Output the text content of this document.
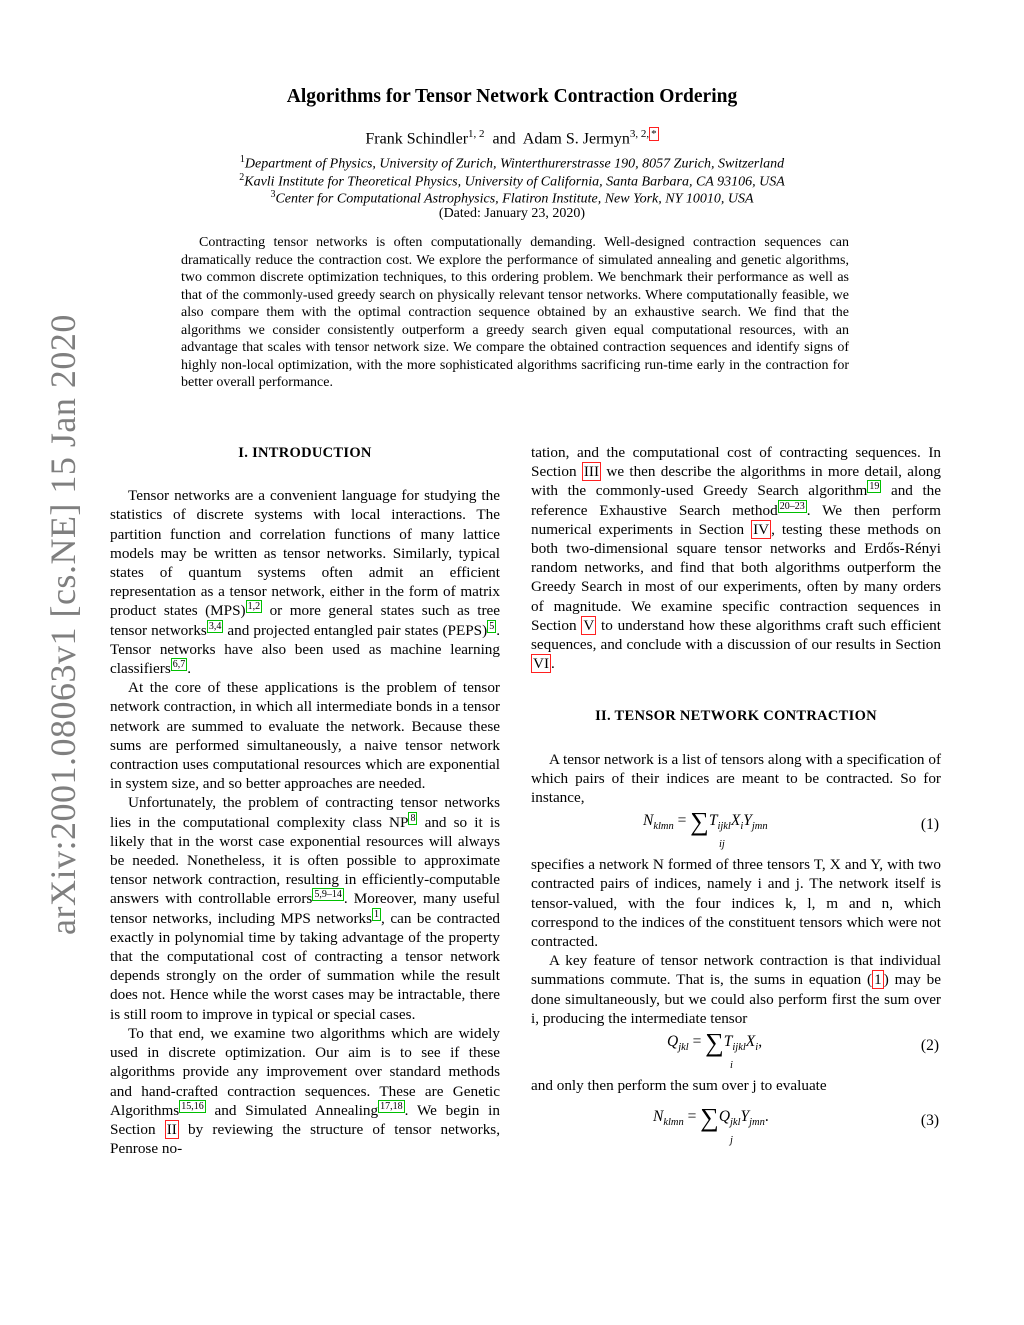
arXiv:2001.08063v1 [cs.NE] 15 Jan 2020
Algorithms for Tensor Network Contraction Ordering
Frank Schindler$^{1, 2}$ and Adam S. Jermyn$^{3, 2, *}$
$^1$Department of Physics, University of Zurich, Winterthurerstrasse 190, 8057 Zurich, Switzerland
$^2$Kavli Institute for Theoretical Physics, University of California, Santa Barbara, CA 93106, USA
$^3$Center for Computational Astrophysics, Flatiron Institute, New York, NY 10010, USA
(Dated: January 23, 2020)
Contracting tensor networks is often computationally demanding. Well-designed contraction sequences can dramatically reduce the contraction cost. We explore the performance of simulated annealing and genetic algorithms, two common discrete optimization techniques, to this ordering problem. We benchmark their performance as well as that of the commonly-used greedy search on physically relevant tensor networks. Where computationally feasible, we also compare them with the optimal contraction sequence obtained by an exhaustive search. We find that the algorithms we consider consistently outperform a greedy search given equal computational resources, with an advantage that scales with tensor network size. We compare the obtained contraction sequences and identify signs of highly non-local optimization, with the more sophisticated algorithms sacrificing run-time early in the contraction for better overall performance.
I. INTRODUCTION

Tensor networks are a convenient language for studying the statistics of discrete systems with local interactions. The partition function and correlation functions of many lattice models may be written as tensor networks. Similarly, typical states of quantum systems often admit an efficient representation as a tensor network, either in the form of matrix product states (MPS) $^{1,2}$ or more general states such as tree tensor networks $^{3,4}$ and projected entangled pair states (PEPS) $^5$ . Tensor networks have also been used as machine learning classifiers $^{6,7}$ .

At the core of these applications is the problem of tensor network contraction, in which all intermediate bonds in a tensor network are summed to evaluate the network. Because these sums are performed simultaneously, a naive tensor network contraction uses computational resources which are exponential in system size, and so better approaches are needed.

Unfortunately, the problem of contracting tensor networks lies in the computational complexity class NP $^8$ and so it is likely that in the worst case exponential resources will always be needed. Nonetheless, it is often possible to approximate tensor network contraction, resulting in efficiently-computable answers with controllable errors $^{5,9-14}$ . Moreover, many useful tensor networks, including MPS networks $^1$ , can be contracted exactly in polynomial time by taking advantage of the property that the computational cost of contracting a tensor network depends strongly on the order of summation while the result does not. Hence while the worst cases may be intractable, there is still room to improve in typical or special cases.

To that end, we examine two algorithms which are widely used in discrete optimization. Our aim is to see if these algorithms provide any improvement over standard methods and hand-crafted contraction sequences. These are Genetic Algorithms $^{15,16}$ and Simulated Annealing $^{17,18}$ . We begin in Section II by reviewing the structure of tensor networks, Penrose no-

tation, and the computational cost of contracting sequences. In Section III we then describe the algorithms in more detail, along with the commonly-used Greedy Search algorithm $^{19}$ and the reference Exhaustive Search method $^{20-23}$ . We then perform numerical experiments in Section IV , testing these methods on both two-dimensional square tensor networks and Erdős-Rényi random networks, and find that both algorithms outperform the Greedy Search in most of our experiments, often by many orders of magnitude. We examine specific contraction sequences in Section V to understand how these algorithms craft such efficient sequences, and conclude with a discussion of our results in Section VI .

II. TENSOR NETWORK CONTRACTION

A tensor network is a list of tensors along with a specification of which pairs of their indices are meant to be contracted. So for instance,

$N_{klmn} = \sum T_{ijkl}X_iY_{jmn}$
ij
(1)

specifies a network N formed of three tensors T, X and Y, with two contracted pairs of indices, namely i and j. The network itself is tensor-valued, with the four indices k, l, m and n, which correspond to the indices of the constituent tensors which were not contracted.

A key feature of tensor network contraction is that individual summations commute. That is, the sums in equation ( 1 ) may be done simultaneously, but we could also perform first the sum over i, producing the intermediate tensor

$Q_{jkl} = \sum T_{ijkl}X_i$,
i
(2)

and only then perform the sum over j to evaluate

$N_{klmn} = \sum Q_{jkl}Y_{jmn}$.
j
(3)
